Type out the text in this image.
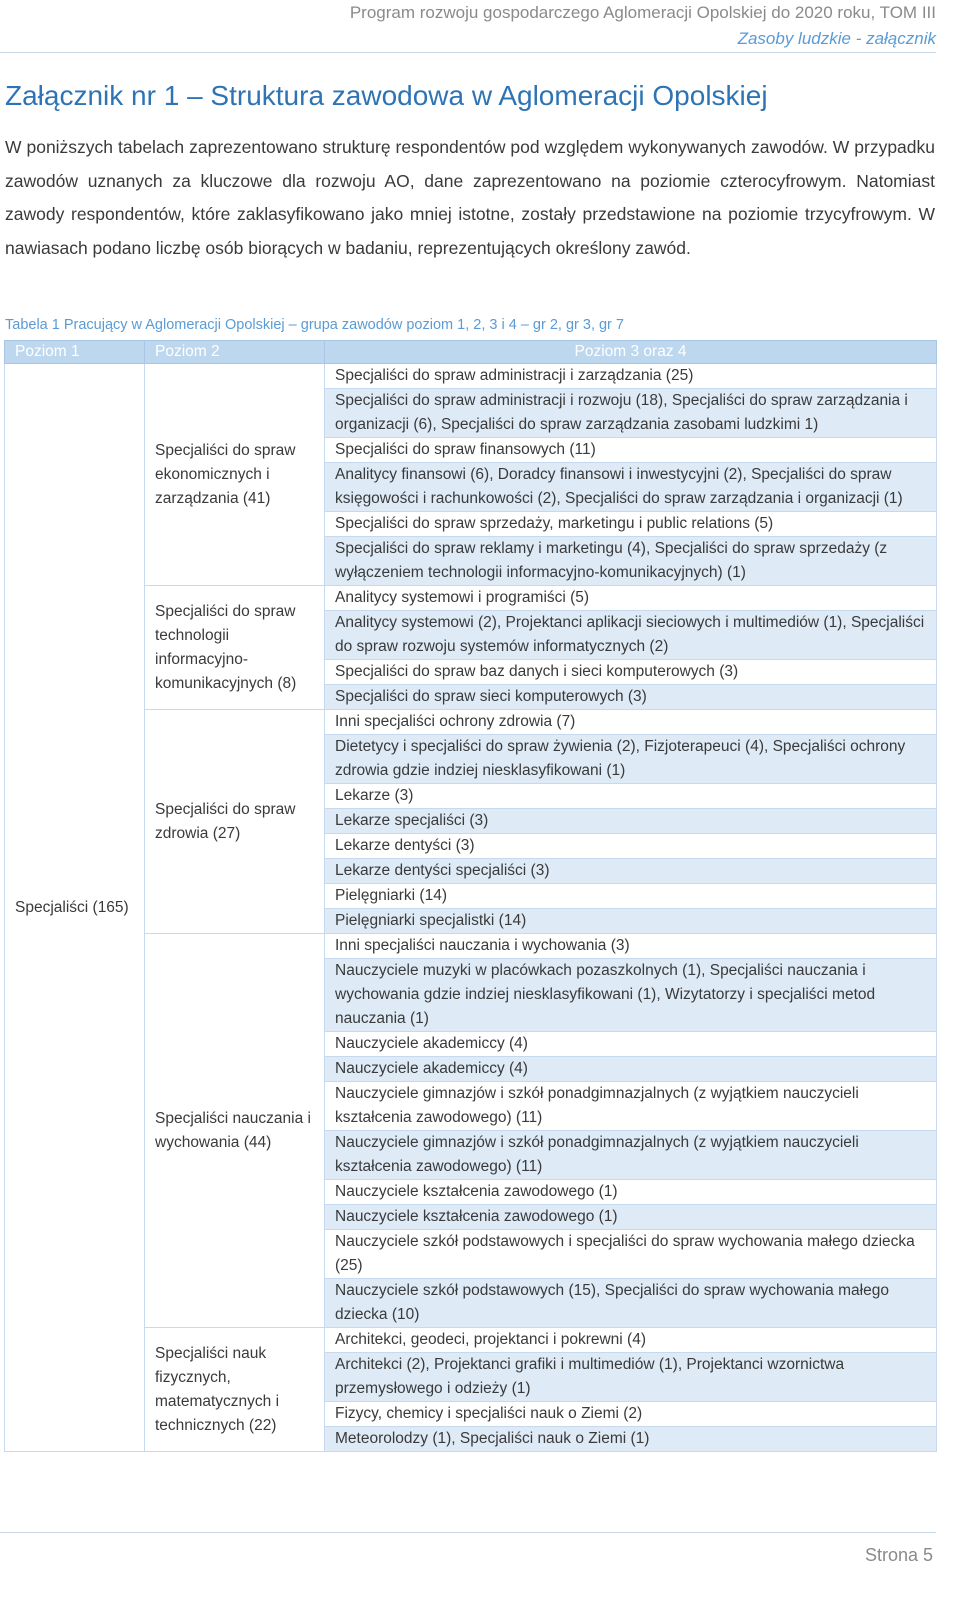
Program rozwoju gospodarczego Aglomeracji Opolskiej do 2020 roku, TOM III
Zasoby ludzkie - załącznik
Załącznik nr 1 – Struktura zawodowa w Aglomeracji Opolskiej

W poniższych tabelach zaprezentowano strukturę respondentów pod względem wykonywanych zawodów. W przypadku zawodów uznanych za kluczowe dla rozwoju AO, dane zaprezentowano na poziomie czterocyfrowym. Natomiast zawody respondentów, które zaklasyfikowano jako mniej istotne, zostały przedstawione na poziomie trzycyfrowym. W nawiasach podano liczbę osób biorących w badaniu, reprezentujących określony zawód.

Tabela 1 Pracujący w Aglomeracji Opolskiej – grupa zawodów poziom 1, 2, 3 i 4 – gr 2, gr 3, gr 7

Poziom 1	Poziom 2	Poziom 3 oraz 4
Specjaliści (165)	Specjaliści do spraw ekonomicznych i zarządzania (41)	Specjaliści do spraw administracji i zarządzania (25)
		Specjaliści do spraw administracji i rozwoju (18), Specjaliści do spraw zarządzania i organizacji (6), Specjaliści do spraw zarządzania zasobami ludzkimi 1)
		Specjaliści do spraw finansowych (11)
		Analitycy finansowi (6), Doradcy finansowi i inwestycyjni (2), Specjaliści do spraw księgowości i rachunkowości (2), Specjaliści do spraw zarządzania i organizacji (1)
		Specjaliści do spraw sprzedaży, marketingu i public relations (5)
		Specjaliści do spraw reklamy i marketingu (4), Specjaliści do spraw sprzedaży (z wyłączeniem technologii informacyjno-komunikacyjnych) (1)
	Specjaliści do spraw technologii informacyjno-komunikacyjnych (8)	Analitycy systemowi i programiści (5)
		Analitycy systemowi (2), Projektanci aplikacji sieciowych i multimediów (1), Specjaliści do spraw rozwoju systemów informatycznych (2)
		Specjaliści do spraw baz danych i sieci komputerowych (3)
		Specjaliści do spraw sieci komputerowych (3)
	Specjaliści do spraw zdrowia (27)	Inni specjaliści ochrony zdrowia (7)
		Dietetycy i specjaliści do spraw żywienia (2), Fizjoterapeuci (4), Specjaliści ochrony zdrowia gdzie indziej niesklasyfikowani (1)
		Lekarze (3)
		Lekarze specjaliści (3)
		Lekarze dentyści (3)
		Lekarze dentyści specjaliści (3)
		Pielęgniarki (14)
		Pielęgniarki specjalistki (14)
	Specjaliści nauczania i wychowania (44)	Inni specjaliści nauczania i wychowania (3)
		Nauczyciele muzyki w placówkach pozaszkolnych (1), Specjaliści nauczania i wychowania gdzie indziej niesklasyfikowani (1), Wizytatorzy i specjaliści metod nauczania (1)
		Nauczyciele akademiccy (4)
		Nauczyciele akademiccy (4)
		Nauczyciele gimnazjów i szkół ponadgimnazjalnych (z wyjątkiem nauczycieli kształcenia zawodowego) (11)
		Nauczyciele gimnazjów i szkół ponadgimnazjalnych (z wyjątkiem nauczycieli kształcenia zawodowego) (11)
		Nauczyciele kształcenia zawodowego (1)
		Nauczyciele kształcenia zawodowego (1)
		Nauczyciele szkół podstawowych i specjaliści do spraw wychowania małego dziecka (25)
		Nauczyciele szkół podstawowych (15), Specjaliści do spraw wychowania małego dziecka (10)
	Specjaliści nauk fizycznych, matematycznych i technicznych (22)	Architekci, geodeci, projektanci i pokrewni (4)
		Architekci (2), Projektanci grafiki i multimediów (1), Projektanci wzornictwa przemysłowego i odzieży (1)
		Fizycy, chemicy i specjaliści nauk o Ziemi (2)
		Meteorolodzy (1), Specjaliści nauk o Ziemi (1)
Strona 5
